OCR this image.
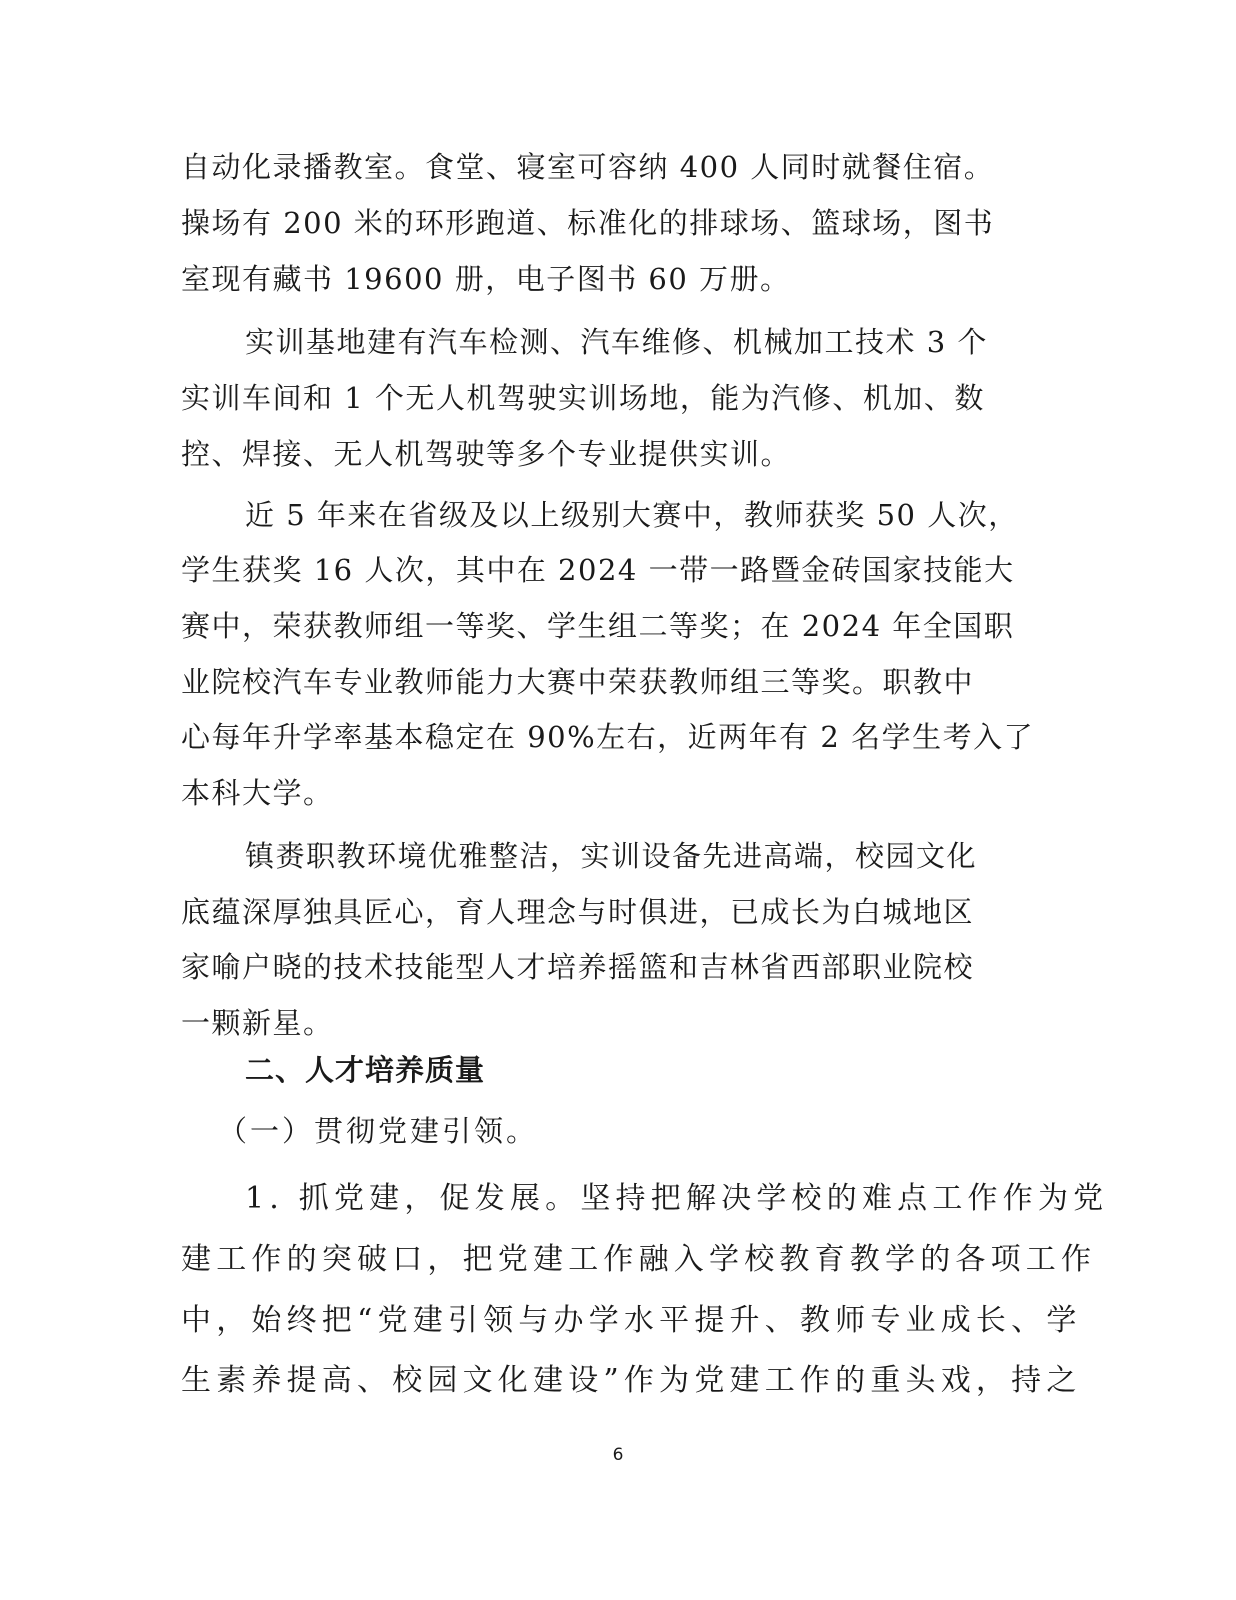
自动化录播教室。食堂、寝室可容纳 400 人同时就餐住宿。
操场有 200 米的环形跑道、标准化的排球场、篮球场，图书
室现有藏书 19600 册，电子图书 60 万册。
实训基地建有汽车检测、汽车维修、机械加工技术 3 个
实训车间和 1 个无人机驾驶实训场地，能为汽修、机加、数
控、焊接、无人机驾驶等多个专业提供实训。
近 5 年来在省级及以上级别大赛中，教师获奖 50 人次，
学生获奖 16 人次，其中在 2024 一带一路暨金砖国家技能大
赛中，荣获教师组一等奖、学生组二等奖；在 2024 年全国职
业院校汽车专业教师能力大赛中荣获教师组三等奖。职教中
心每年升学率基本稳定在 90%左右，近两年有 2 名学生考入了
本科大学。
镇赉职教环境优雅整洁，实训设备先进高端，校园文化
底蕴深厚独具匠心，育人理念与时俱进，已成长为白城地区
家喻户晓的技术技能型人才培养摇篮和吉林省西部职业院校
一颗新星。
二、人才培养质量
（一）贯彻党建引领。
1. 抓党建，促发展。坚持把解决学校的难点工作作为党
建工作的突破口，把党建工作融入学校教育教学的各项工作
中，始终把“党建引领与办学水平提升、教师专业成长、学
生素养提高、校园文化建设”作为党建工作的重头戏，持之
6
